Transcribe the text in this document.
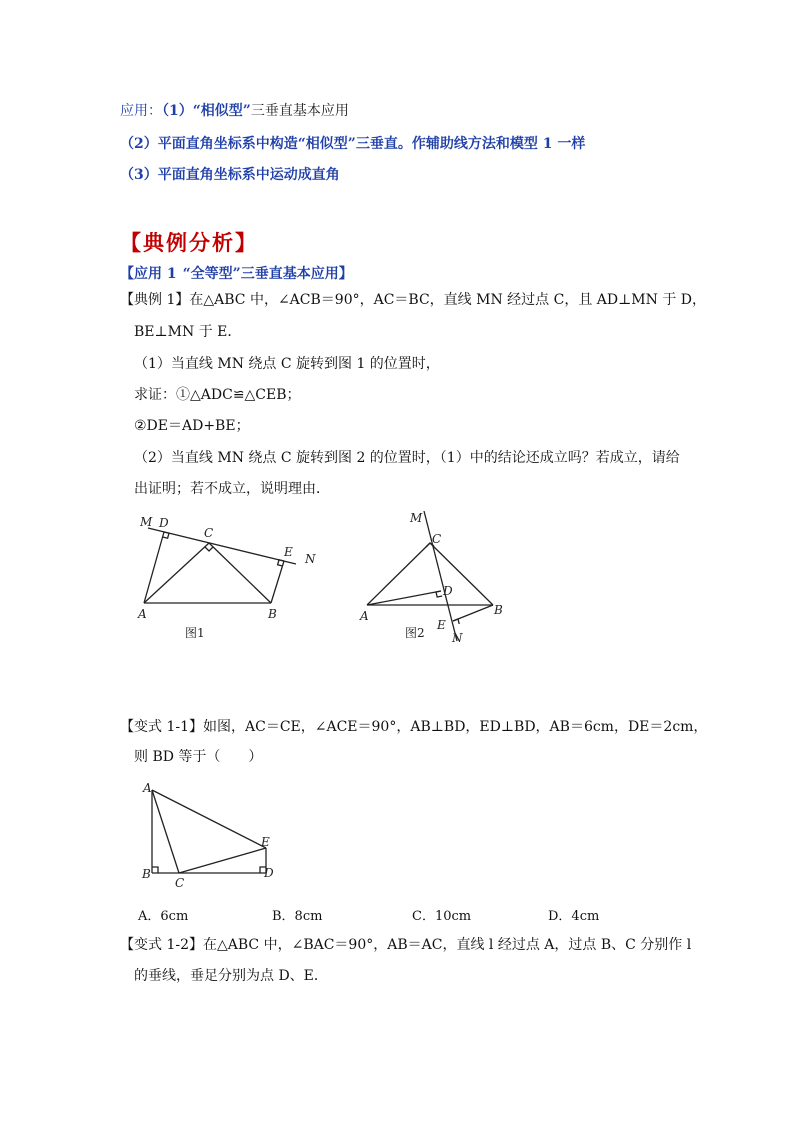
应用：（1）“相似型”三垂直基本应用
（2）平面直角坐标系中构造“相似型”三垂直。作辅助线方法和模型 1 一样
（3）平面直角坐标系中运动成直角
【典例分析】
【应用 1 “全等型”三垂直基本应用】
【典例 1】在△ABC 中，∠ACB＝90°，AC＝BC，直线 MN 经过点 C，且 AD⊥MN 于 D，
BE⊥MN 于 E．
（1）当直线 MN 绕点 C 旋转到图 1 的位置时，
求证：①△ADC≌△CEB；
②DE＝AD+BE；
（2）当直线 MN 绕点 C 旋转到图 2 的位置时，（1）中的结论还成立吗？若成立，请给
出证明；若不成立，说明理由．
M D
C
E N
A	B
图1
M
C
D
A	B
E
N
图2
【变式 1-1】如图，AC＝CE，∠ACE＝90°，AB⊥BD，ED⊥BD，AB＝6cm，DE＝2cm，
则 BD 等于（　　）
A
E
B
C
D
A．6cm	B．8cm	C．10cm	D．4cm
【变式 1-2】在△ABC 中，∠BAC＝90°，AB＝AC，直线 l 经过点 A，过点 B、C 分别作 l
的垂线，垂足分别为点 D、E．
